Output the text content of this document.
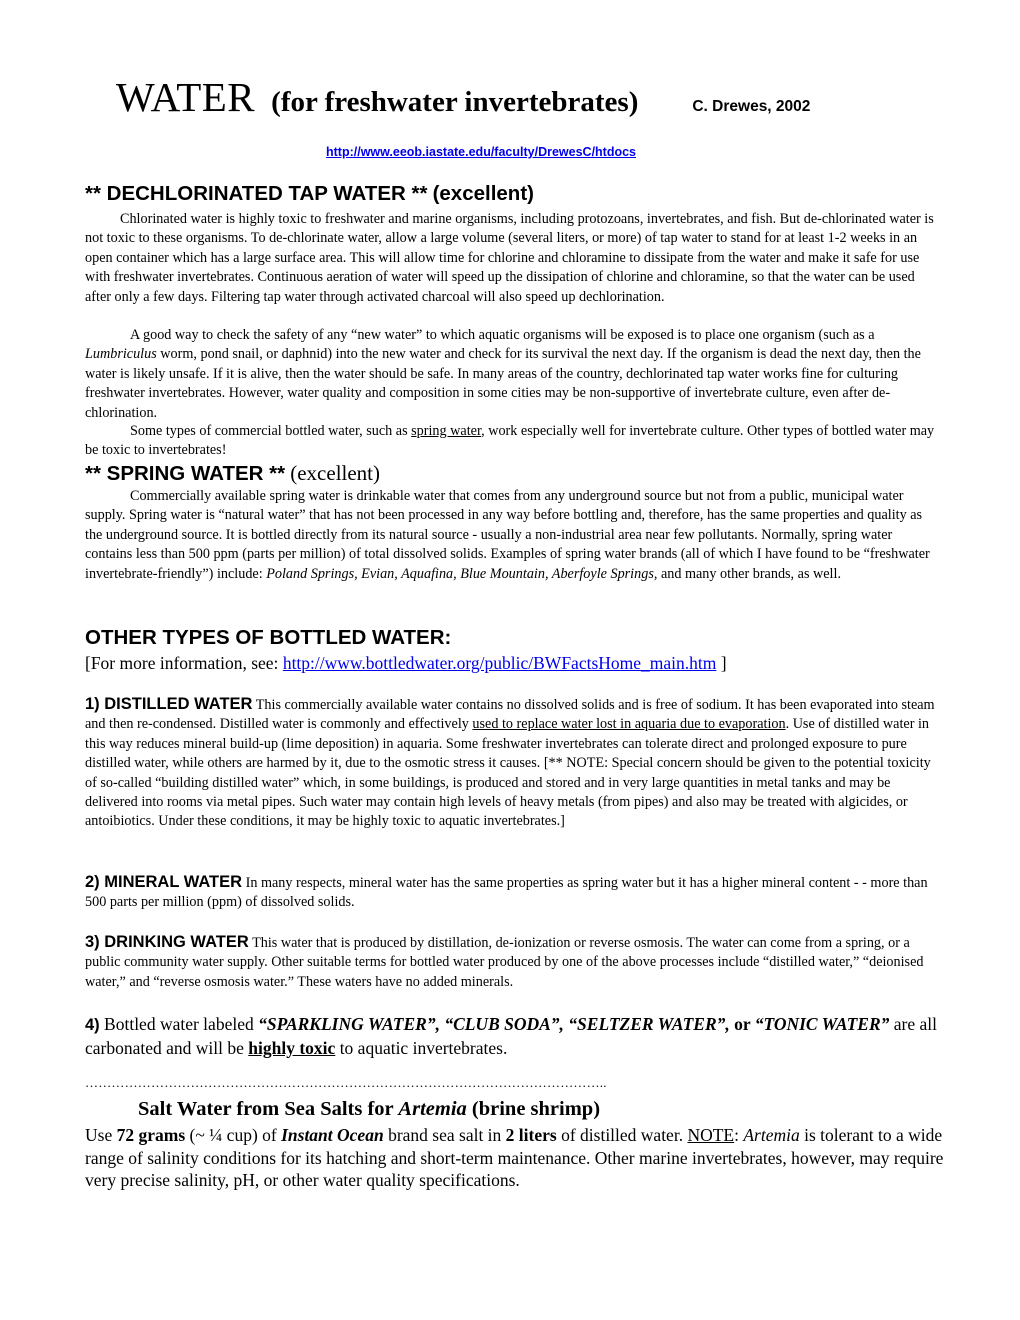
WATER (for freshwater invertebrates)	C. Drewes, 2002
http://www.eeob.iastate.edu/faculty/DrewesC/htdocs
** DECHLORINATED TAP WATER ** (excellent)

Chlorinated water is highly toxic to freshwater and marine organisms, including protozoans, invertebrates, and fish. But de-chlorinated water is not toxic to these organisms. To de-chlorinate water, allow a large volume (several liters, or more) of tap water to stand for at least 1-2 weeks in an open container which has a large surface area. This will allow time for chlorine and chloramine to dissipate from the water and make it safe for use with freshwater invertebrates. Continuous aeration of water will speed up the dissipation of chlorine and chloramine, so that the water can be used after only a few days. Filtering tap water through activated charcoal will also speed up dechlorination.

A good way to check the safety of any “new water” to which aquatic organisms will be exposed is to place one organism (such as a Lumbriculus worm, pond snail, or daphnid) into the new water and check for its survival the next day. If the organism is dead the next day, then the water is likely unsafe. If it is alive, then the water should be safe. In many areas of the country, dechlorinated tap water works fine for culturing freshwater invertebrates. However, water quality and composition in some cities may be non-supportive of invertebrate culture, even after de-chlorination.

Some types of commercial bottled water, such as spring water, work especially well for invertebrate culture. Other types of bottled water may be toxic to invertebrates!

** SPRING WATER ** (excellent)

Commercially available spring water is drinkable water that comes from any underground source but not from a public, municipal water supply. Spring water is “natural water” that has not been processed in any way before bottling and, therefore, has the same properties and quality as the underground source. It is bottled directly from its natural source - usually a non-industrial area near few pollutants. Normally, spring water contains less than 500 ppm (parts per million) of total dissolved solids. Examples of spring water brands (all of which I have found to be “freshwater invertebrate-friendly”) include: Poland Springs, Evian, Aquafina, Blue Mountain, Aberfoyle Springs, and many other brands, as well.

OTHER TYPES OF BOTTLED WATER:
[For more information, see: http://www.bottledwater.org/public/BWFactsHome_main.htm ]

1) DISTILLED WATER This commercially available water contains no dissolved solids and is free of sodium. It has been evaporated into steam and then re-condensed. Distilled water is commonly and effectively used to replace water lost in aquaria due to evaporation. Use of distilled water in this way reduces mineral build-up (lime deposition) in aquaria. Some freshwater invertebrates can tolerate direct and prolonged exposure to pure distilled water, while others are harmed by it, due to the osmotic stress it causes. [** NOTE: Special concern should be given to the potential toxicity of so-called “building distilled water” which, in some buildings, is produced and stored and in very large quantities in metal tanks and may be delivered into rooms via metal pipes. Such water may contain high levels of heavy metals (from pipes) and also may be treated with algicides, or antoibiotics. Under these conditions, it may be highly toxic to aquatic invertebrates.]

2) MINERAL WATER In many respects, mineral water has the same properties as spring water but it has a higher mineral content - - more than 500 parts per million (ppm) of dissolved solids.

3) DRINKING WATER This water that is produced by distillation, de-ionization or reverse osmosis. The water can come from a spring, or a public community water supply. Other suitable terms for bottled water produced by one of the above processes include “distilled water,” “deionised water,” and “reverse osmosis water.” These waters have no added minerals.

4) Bottled water labeled “SPARKLING WATER”, “CLUB SODA”, “SELTZER WATER”, or “TONIC WATER” are all carbonated and will be highly toxic to aquatic invertebrates.

………………………………………………………………………………………………………..
Salt Water from Sea Salts for Artemia (brine shrimp)

Use 72 grams (~ ¼ cup) of Instant Ocean brand sea salt in 2 liters of distilled water. NOTE: Artemia is tolerant to a wide range of salinity conditions for its hatching and short-term maintenance. Other marine invertebrates, however, may require very precise salinity, pH, or other water quality specifications.
